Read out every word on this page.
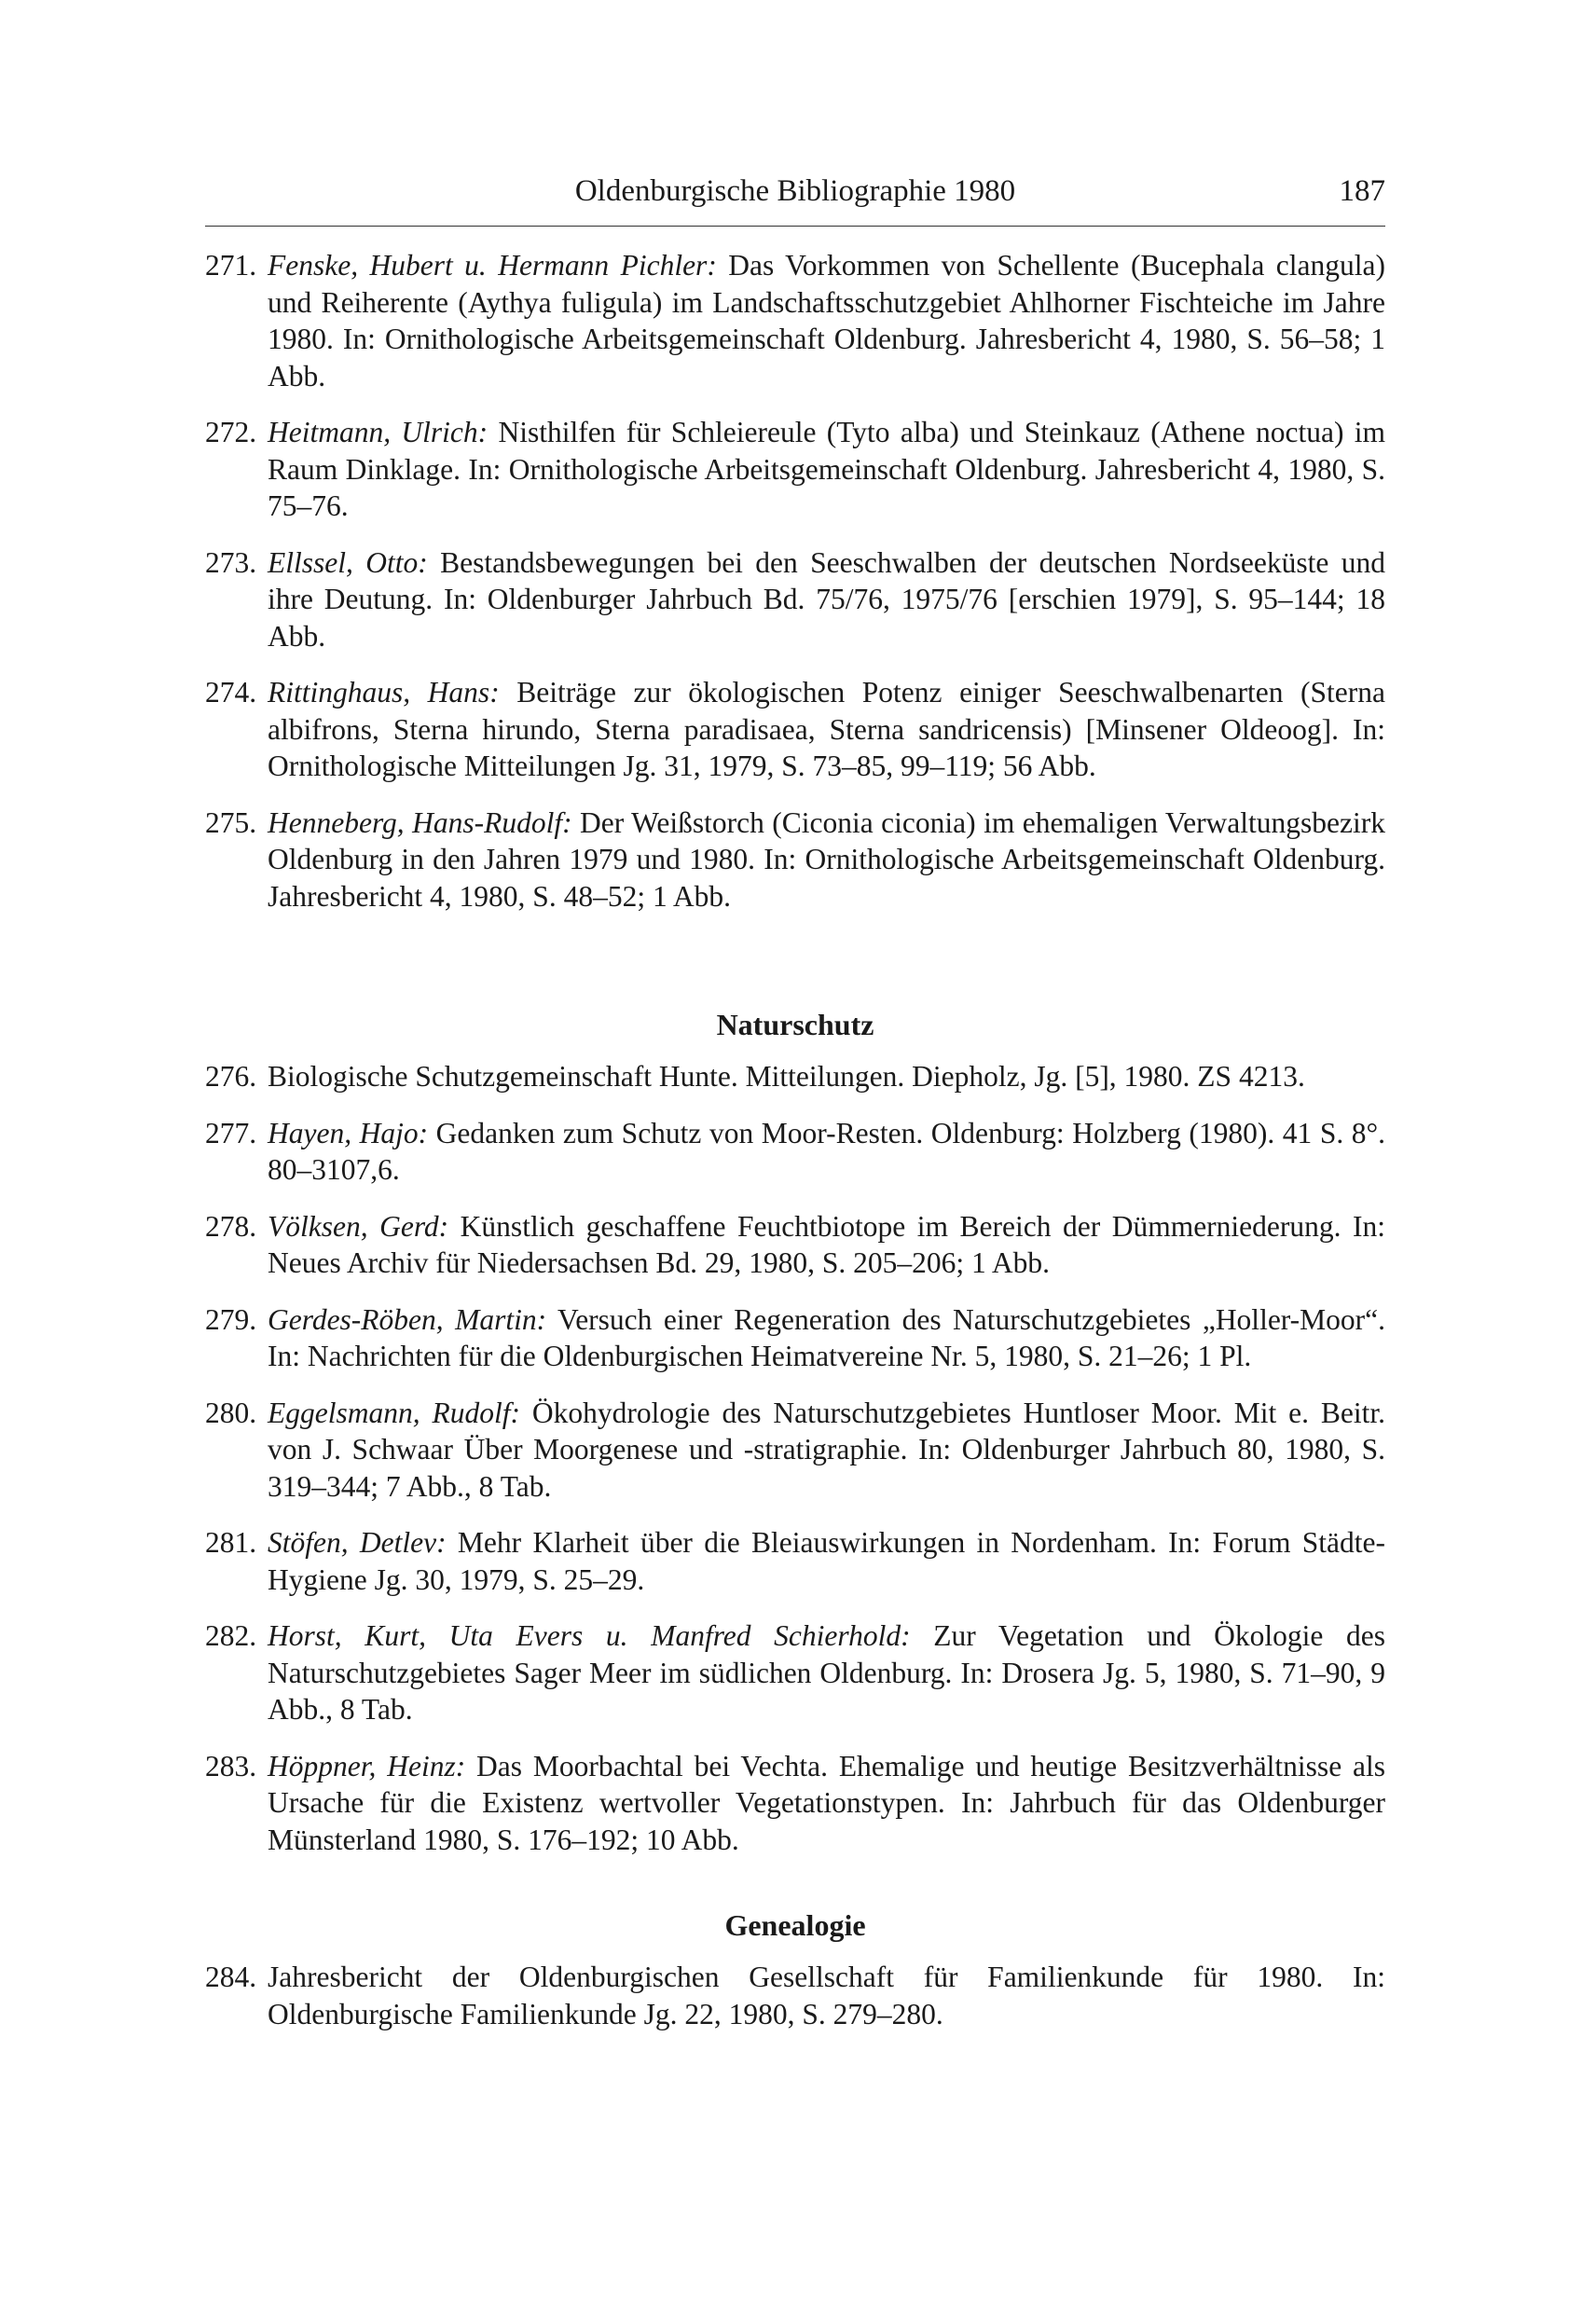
Oldenburgische Bibliographie 1980	187
271. Fenske, Hubert u. Hermann Pichler: Das Vorkommen von Schellente (Bucephala clangula) und Reiherente (Aythya fuligula) im Landschaftsschutzgebiet Ahlhorner Fischteiche im Jahre 1980. In: Ornithologische Arbeitsgemeinschaft Oldenburg. Jahresbericht 4, 1980, S. 56–58; 1 Abb.
272. Heitmann, Ulrich: Nisthilfen für Schleiereule (Tyto alba) und Steinkauz (Athene noctua) im Raum Dinklage. In: Ornithologische Arbeitsgemeinschaft Oldenburg. Jahresbericht 4, 1980, S. 75–76.
273. Ellssel, Otto: Bestandsbewegungen bei den Seeschwalben der deutschen Nordseeküste und ihre Deutung. In: Oldenburger Jahrbuch Bd. 75/76, 1975/76 [erschien 1979], S. 95–144; 18 Abb.
274. Rittinghaus, Hans: Beiträge zur ökologischen Potenz einiger Seeschwalbenarten (Sterna albifrons, Sterna hirundo, Sterna paradisaea, Sterna sandricensis) [Minsener Oldeoog]. In: Ornithologische Mitteilungen Jg. 31, 1979, S. 73–85, 99–119; 56 Abb.
275. Henneberg, Hans-Rudolf: Der Weißstorch (Ciconia ciconia) im ehemaligen Verwaltungsbezirk Oldenburg in den Jahren 1979 und 1980. In: Ornithologische Arbeitsgemeinschaft Oldenburg. Jahresbericht 4, 1980, S. 48–52; 1 Abb.
Naturschutz
276. Biologische Schutzgemeinschaft Hunte. Mitteilungen. Diepholz, Jg. [5], 1980. ZS 4213.
277. Hayen, Hajo: Gedanken zum Schutz von Moor-Resten. Oldenburg: Holzberg (1980). 41 S. 8°. 80–3107,6.
278. Völksen, Gerd: Künstlich geschaffene Feuchtbiotope im Bereich der Dümmerniederung. In: Neues Archiv für Niedersachsen Bd. 29, 1980, S. 205–206; 1 Abb.
279. Gerdes-Röben, Martin: Versuch einer Regeneration des Naturschutzgebietes „Holler-Moor“. In: Nachrichten für die Oldenburgischen Heimatvereine Nr. 5, 1980, S. 21–26; 1 Pl.
280. Eggelsmann, Rudolf: Ökohydrologie des Naturschutzgebietes Huntloser Moor. Mit e. Beitr. von J. Schwaar Über Moorgenese und -stratigraphie. In: Oldenburger Jahrbuch 80, 1980, S. 319–344; 7 Abb., 8 Tab.
281. Stöfen, Detlev: Mehr Klarheit über die Bleiauswirkungen in Nordenham. In: Forum Städte-Hygiene Jg. 30, 1979, S. 25–29.
282. Horst, Kurt, Uta Evers u. Manfred Schierhold: Zur Vegetation und Ökologie des Naturschutzgebietes Sager Meer im südlichen Oldenburg. In: Drosera Jg. 5, 1980, S. 71–90, 9 Abb., 8 Tab.
283. Höppner, Heinz: Das Moorbachtal bei Vechta. Ehemalige und heutige Besitzverhältnisse als Ursache für die Existenz wertvoller Vegetationstypen. In: Jahrbuch für das Oldenburger Münsterland 1980, S. 176–192; 10 Abb.
Genealogie
284. Jahresbericht der Oldenburgischen Gesellschaft für Familienkunde für 1980. In: Oldenburgische Familienkunde Jg. 22, 1980, S. 279–280.
